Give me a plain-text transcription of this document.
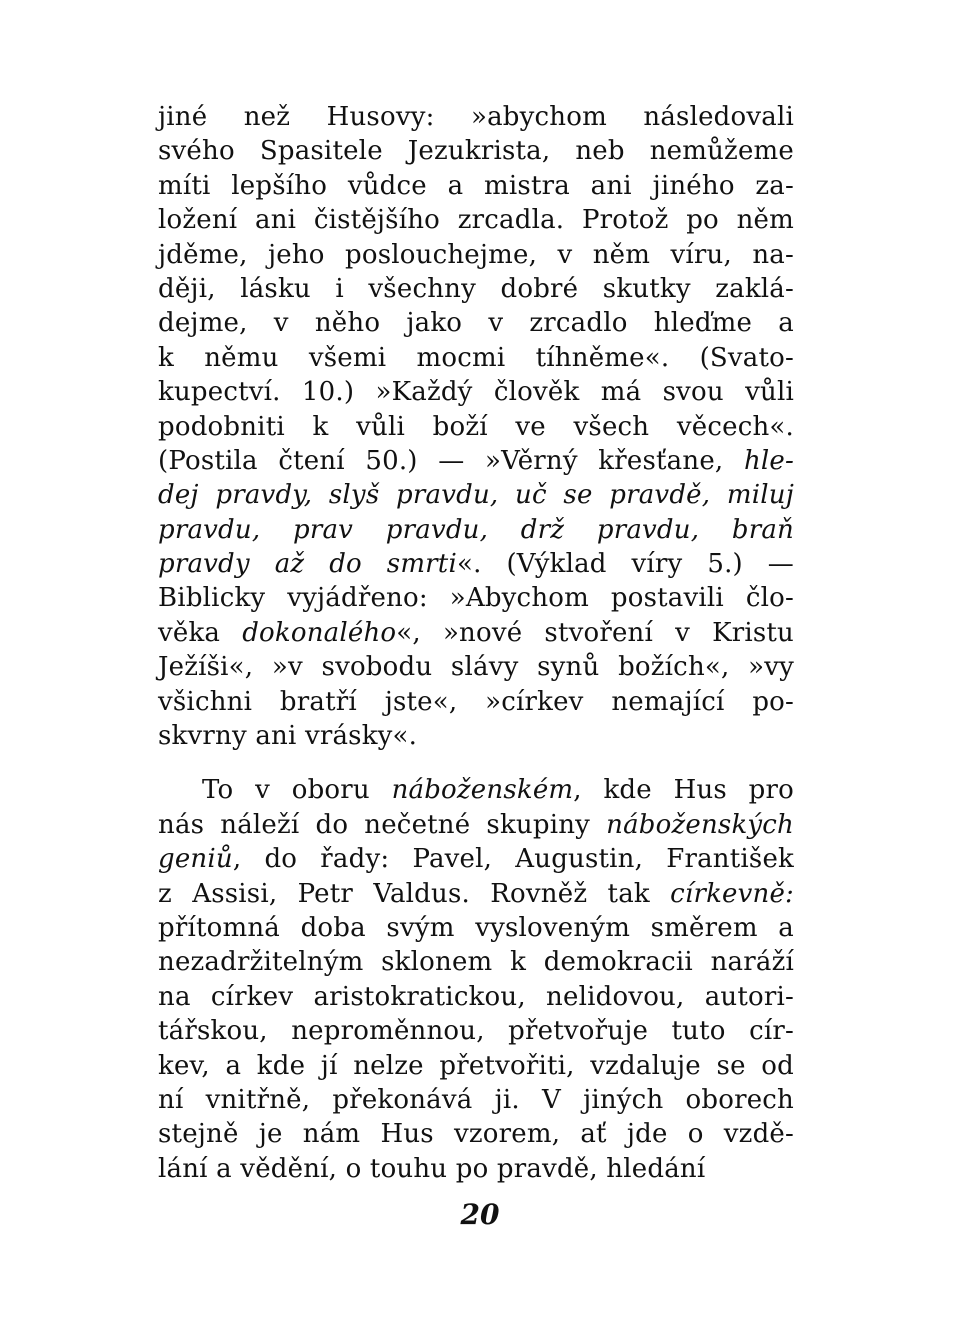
jiné než Husovy: »abychom následovali
svého Spasitele Jezukrista, neb nemůžeme
míti lepšího vůdce a mistra ani jiného za-
ložení ani čistějšího zrcadla. Protož po něm
jděme, jeho poslouchejme, v něm víru, na-
ději, lásku i všechny dobré skutky zaklá-
dejme, v něho jako v zrcadlo hleďme a
k němu všemi mocmi tíhněme«. (Svato-
kupectví. 10.) »Každý člověk má svou vůli
podobniti k vůli boží ve všech věcech«.
(Postila čtení 50.) — »Věrný křesťane, hle-
dej pravdy, slyš pravdu, uč se pravdě, miluj
pravdu, prav pravdu, drž pravdu, braň
pravdy až do smrti«. (Výklad víry 5.) —
Biblicky vyjádřeno: »Abychom postavili člo-
věka dokonalého«, »nové stvoření v Kristu
Ježíši«, »v svobodu slávy synů božích«, »vy
všichni bratří jste«, »církev nemající po-
skvrny ani vrásky«.
To v oboru náboženském, kde Hus pro
nás náleží do nečetné skupiny náboženských
geniů, do řady: Pavel, Augustin, František
z Assisi, Petr Valdus. Rovněž tak církevně:
přítomná doba svým vysloveným směrem a
nezadržitelným sklonem k demokracii naráží
na církev aristokratickou, nelidovou, autori-
tářskou, neproměnnou, přetvořuje tuto cír-
kev, a kde jí nelze přetvořiti, vzdaluje se od
ní vnitřně, překonává ji. V jiných oborech
stejně je nám Hus vzorem, ať jde o vzdě-
lání a vědění, o touhu po pravdě, hledání
20
